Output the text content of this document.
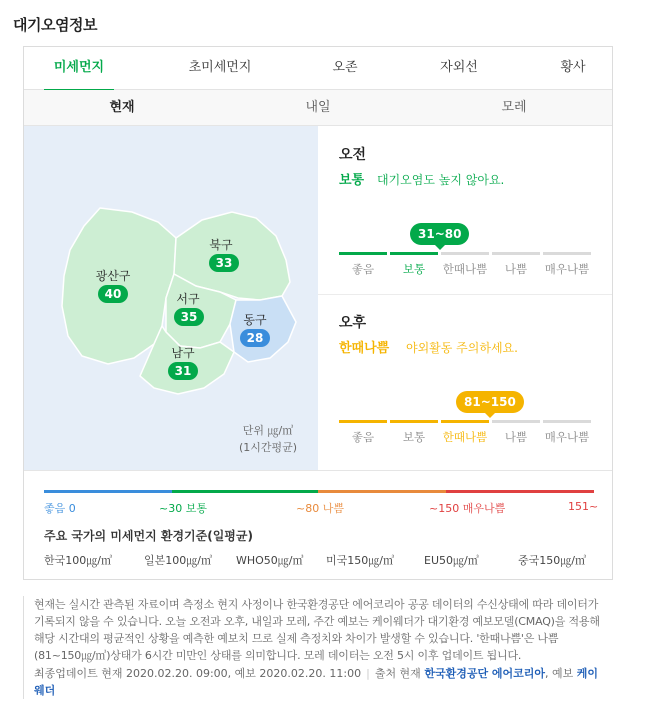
대기오염정보
미세먼지	초미세먼지	오존	자외선	황사
현재	내일	모레
북구
33
광산구
40	서구
35	동구
28
남구
31
단위 ㎍/㎥
(1시간평균)
오전
보통 대기오염도 높지 않아요.
31~80
좋음	보통	한때나쁨	나쁨	매우나쁨
오후
한때나쁨 야외활동 주의하세요.
81~150
좋음	보통	한때나쁨	나쁨	매우나쁨
좋음 0	~30 보통	~80 나쁨	~150 매우나쁨	151~
주요 국가의 미세먼지 환경기준(일평균)
한국100㎍/㎥	일본100㎍/㎥ WHO50㎍/㎥ 미국150㎍/㎥	EU50㎍/㎥	중국150㎍/㎥
현재는 실시간 관측된 자료이며 측정소 현지 사정이나 한국환경공단 에어코리아 공공 데이터의 수신상태에 따라 데이터가 기록되지 않을 수 있습니다. 오늘 오전과 오후, 내일과 모레, 주간 예보는 케이웨더가 대기환경 예보모델(CMAQ)을 적용해 해당 시간대의 평균적인 상황을 예측한 예보치 므로 실제 측정치와 차이가 발생할 수 있습니다. '한때나쁨'은 나쁨(81~150㎍/㎥)상태가 6시간 미만인 상태를 의미합니다. 모레 데이터는 오전 5시 이후 업데이트 됩니다.
최종업데이트 현재 2020.02.20. 09:00, 예보 2020.02.20. 11:00 | 출처 현재 한국환경공단 에어코리아, 예보 케이웨더
